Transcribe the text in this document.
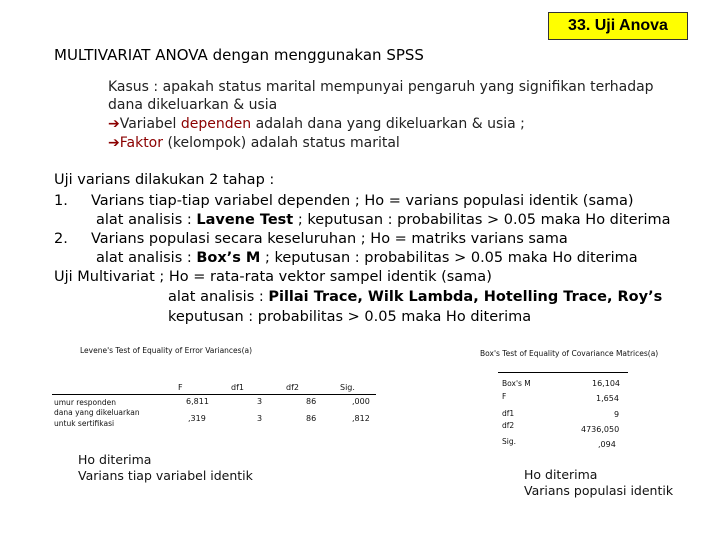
33. Uji Anova
MULTIVARIAT ANOVA dengan menggunakan SPSS
Kasus : apakah status marital mempunyai pengaruh yang signifikan terhadap
dana dikeluarkan & usia
➔Variabel dependen adalah dana yang dikeluarkan & usia ;
➔Faktor (kelompok) adalah status marital
Uji varians dilakukan 2 tahap :
1. Varians tiap-tiap variabel dependen ; Ho = varians populasi identik (sama)
alat analisis : Lavene Test ; keputusan : probabilitas > 0.05 maka Ho diterima
2. Varians populasi secara keseluruhan ; Ho = matriks varians sama
alat analisis : Box’s M ; keputusan : probabilitas > 0.05 maka Ho diterima
Uji Multivariat ; Ho = rata-rata vektor sampel identik (sama)
alat analisis : Pillai Trace, Wilk Lambda, Hotelling Trace, Roy’s
keputusan : probabilitas > 0.05 maka Ho diterima
Levene's Test of Equality of Error Variances(a)
F	df1	df2	Sig.
umur responden	6,811	3	86	,000
dana yang dikeluarkan
untuk sertifikasi
,319	3	86	,812
Ho diterima
Varians tiap variabel identik
Box's Test of Equality of Covariance Matrices(a)
Box's M	16,104
F	1,654
df1	9
df2	4736,050
Sig.	,094
Ho diterima
Varians populasi identik
